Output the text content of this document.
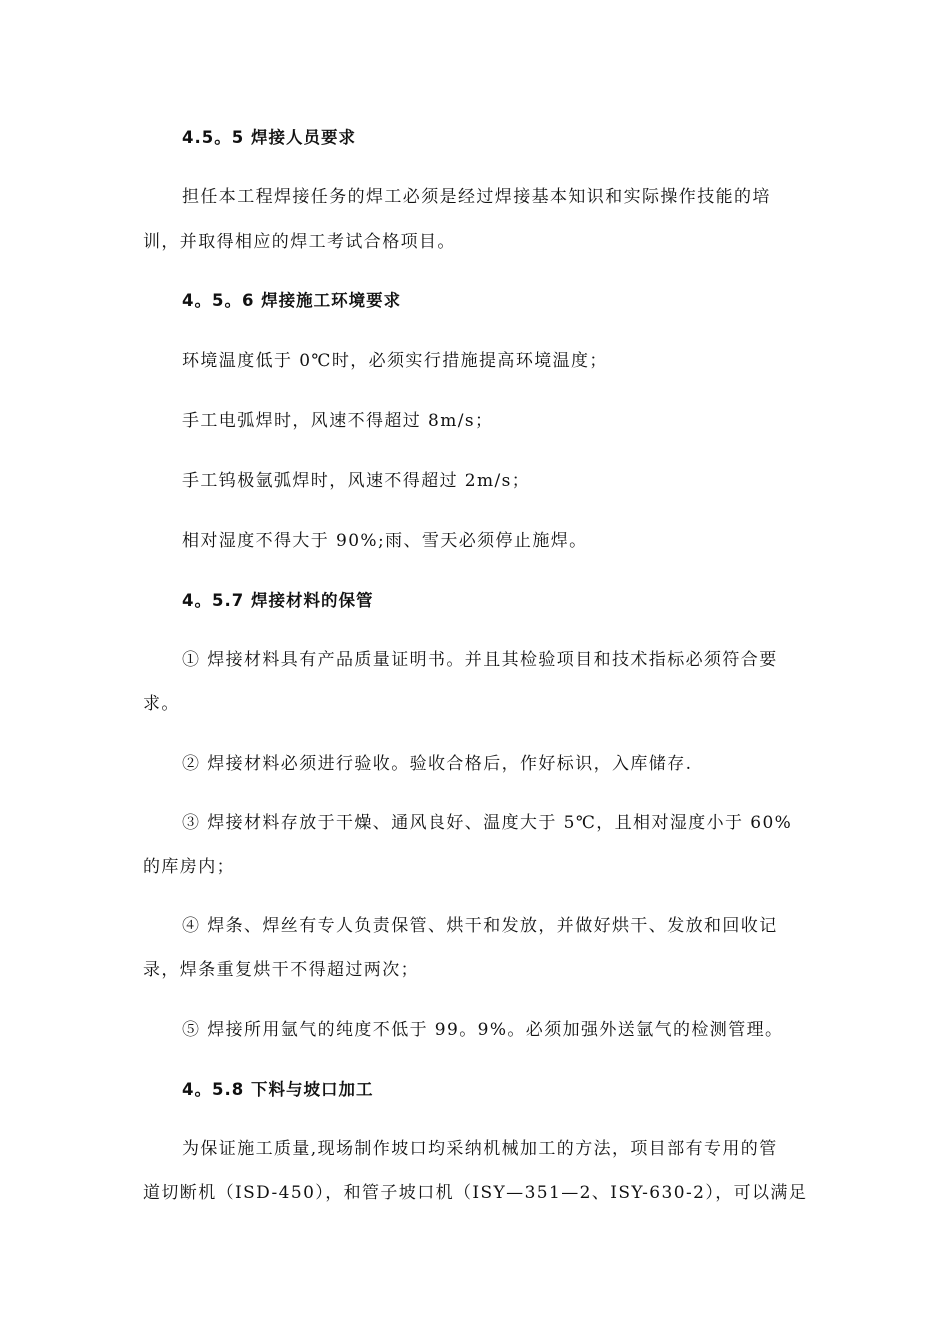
4.5。5 焊接人员要求

担任本工程焊接任务的焊工必须是经过焊接基本知识和实际操作技能的培

训，并取得相应的焊工考试合格项目。

4。5。6 焊接施工环境要求

环境温度低于 0℃时，必须实行措施提高环境温度；

手工电弧焊时，风速不得超过 8m/s；

手工钨极氩弧焊时，风速不得超过 2m/s；

相对湿度不得大于 90%;雨、雪天必须停止施焊。

4。5.7 焊接材料的保管

① 焊接材料具有产品质量证明书。并且其检验项目和技术指标必须符合要

求。

② 焊接材料必须进行验收。验收合格后，作好标识，入库储存.

③ 焊接材料存放于干燥、通风良好、温度大于 5℃，且相对湿度小于 60%

的库房内；

④ 焊条、焊丝有专人负责保管、烘干和发放，并做好烘干、发放和回收记

录，焊条重复烘干不得超过两次；

⑤ 焊接所用氩气的纯度不低于 99。9%。必须加强外送氩气的检测管理。

4。5.8 下料与坡口加工

为保证施工质量,现场制作坡口均采纳机械加工的方法，项目部有专用的管

道切断机（ISD-450），和管子坡口机（ISY—351—2、ISY-630-2），可以满足
